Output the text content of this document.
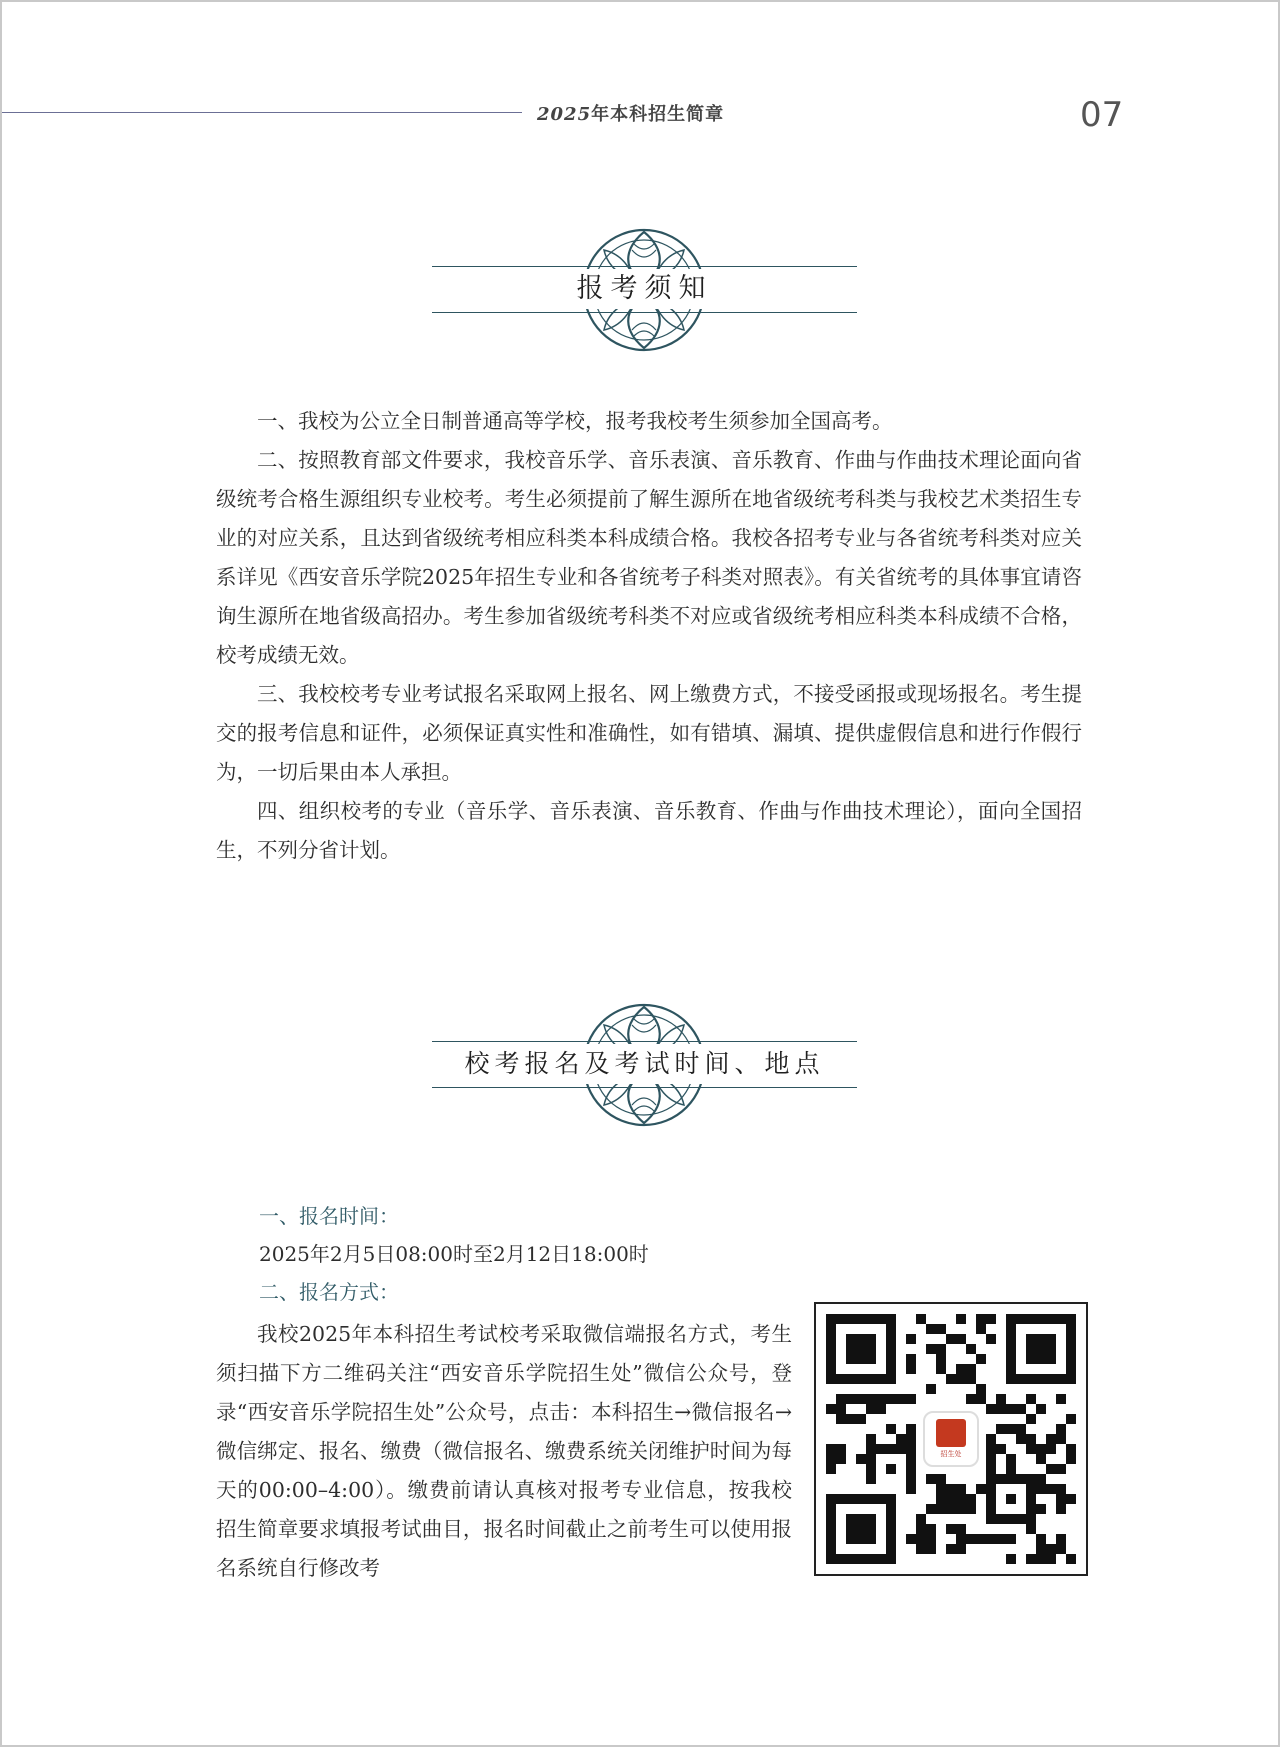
2025年本科招生简章	07
报考须知

一、我校为公立全日制普通高等学校，报考我校考生须参加全国高考。

二、按照教育部文件要求，我校音乐学、音乐表演、音乐教育、作曲与作曲技术理论面向省级统考合格生源组织专业校考。考生必须提前了解生源所在地省级统考科类与我校艺术类招生专业的对应关系，且达到省级统考相应科类本科成绩合格。我校各招考专业与各省统考科类对应关系详见《西安音乐学院2025年招生专业和各省统考子科类对照表》。有关省统考的具体事宜请咨询生源所在地省级高招办。考生参加省级统考科类不对应或省级统考相应科类本科成绩不合格，校考成绩无效。

三、我校校考专业考试报名采取网上报名、网上缴费方式，不接受函报或现场报名。考生提交的报考信息和证件，必须保证真实性和准确性，如有错填、漏填、提供虚假信息和进行作假行为，一切后果由本人承担。

四、组织校考的专业（音乐学、音乐表演、音乐教育、作曲与作曲技术理论），面向全国招生，不列分省计划。

校考报名及考试时间、地点
一、报名时间：
2025年2月5日08:00时至2月12日18:00时
二、报名方式：

我校2025年本科招生考试校考采取微信端报名方式，考生须扫描下方二维码关注“西安音乐学院招生处”微信公众号，登录“西安音乐学院招生处”公众号，点击：本科招生→微信报名→微信绑定、报名、缴费（微信报名、缴费系统关闭维护时间为每天的00:00–4:00）。缴费前请认真核对报考专业信息，按我校招生简章要求填报考试曲目，报名时间截止之前考生可以使用报名系统自行修改考

招生处
